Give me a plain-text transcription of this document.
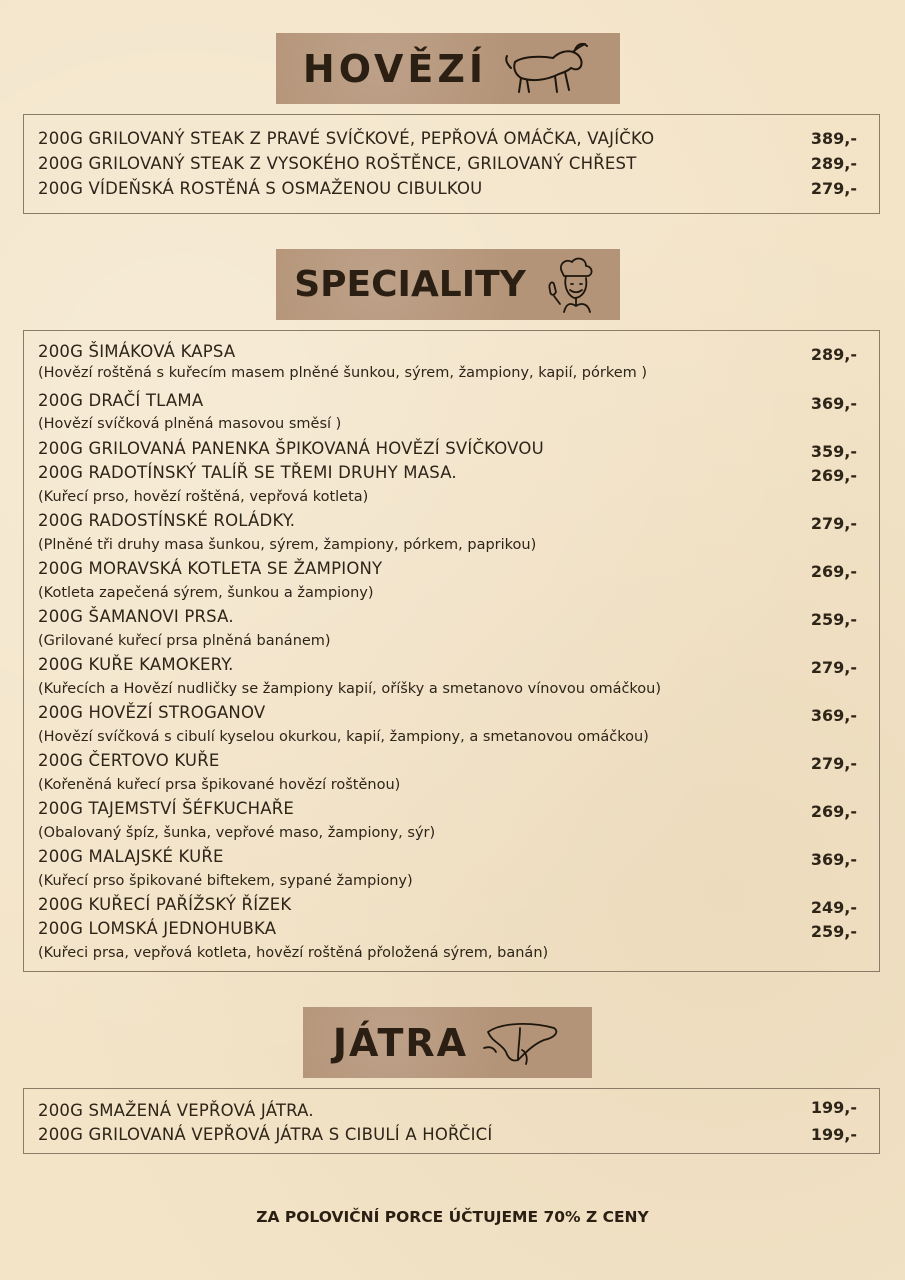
HOVĚZÍ
200G GRILOVANÝ STEAK Z PRAVÉ SVÍČKOVÉ, PEPŘOVÁ OMÁČKA, VAJÍČKO	389,-
200G GRILOVANÝ STEAK Z VYSOKÉHO ROŠTĚNCE, GRILOVANÝ CHŘEST	289,-
200G VÍDEŇSKÁ ROSTĚNÁ S OSMAŽENOU CIBULKOU	279,-
SPECIALITY
200G ŠIMÁKOVÁ KAPSA	289,-
(Hovězí roštěná s kuřecím masem plněné šunkou, sýrem, žampiony, kapií, pórkem )
200G DRAČÍ TLAMA	369,-
(Hovězí svíčková plněná masovou směsí )
200G GRILOVANÁ PANENKA ŠPIKOVANÁ HOVĚZÍ SVÍČKOVOU	359,-
200G RADOTÍNSKÝ TALÍŘ SE TŘEMI DRUHY MASA.	269,-
(Kuřecí prso, hovězí roštěná, vepřová kotleta)
200G RADOSTÍNSKÉ ROLÁDKY.	279,-
(Plněné tři druhy masa šunkou, sýrem, žampiony, pórkem, paprikou)
200G MORAVSKÁ KOTLETA SE ŽAMPIONY	269,-
(Kotleta zapečená sýrem, šunkou a žampiony)
200G ŠAMANOVI PRSA.	259,-
(Grilované kuřecí prsa plněná banánem)
200G KUŘE KAMOKERY.	279,-
(Kuřecích a Hovězí nudličky se žampiony kapií, oříšky a smetanovo vínovou omáčkou)
200G HOVĚZÍ STROGANOV	369,-
(Hovězí svíčková s cibulí kyselou okurkou, kapií, žampiony, a smetanovou omáčkou)
200G ČERTOVO KUŘE	279,-
(Kořeněná kuřecí prsa špikované hovězí roštěnou)
200G TAJEMSTVÍ ŠÉFKUCHAŘE	269,-
(Obalovaný špíz, šunka, vepřové maso, žampiony, sýr)
200G MALAJSKÉ KUŘE	369,-
(Kuřecí prso špikované biftekem, sypané žampiony)
200G KUŘECÍ PAŘÍŽSKÝ ŘÍZEK	249,-
200G LOMSKÁ JEDNOHUBKA	259,-
(Kuřeci prsa, vepřová kotleta, hovězí roštěná přoložená sýrem, banán)
JÁTRA
200G SMAŽENÁ VEPŘOVÁ JÁTRA.	199,-
200G GRILOVANÁ VEPŘOVÁ JÁTRA S CIBULÍ A HOŘČICÍ	199,-
ZA POLOVIČNÍ PORCE ÚČTUJEME 70% Z CENY
